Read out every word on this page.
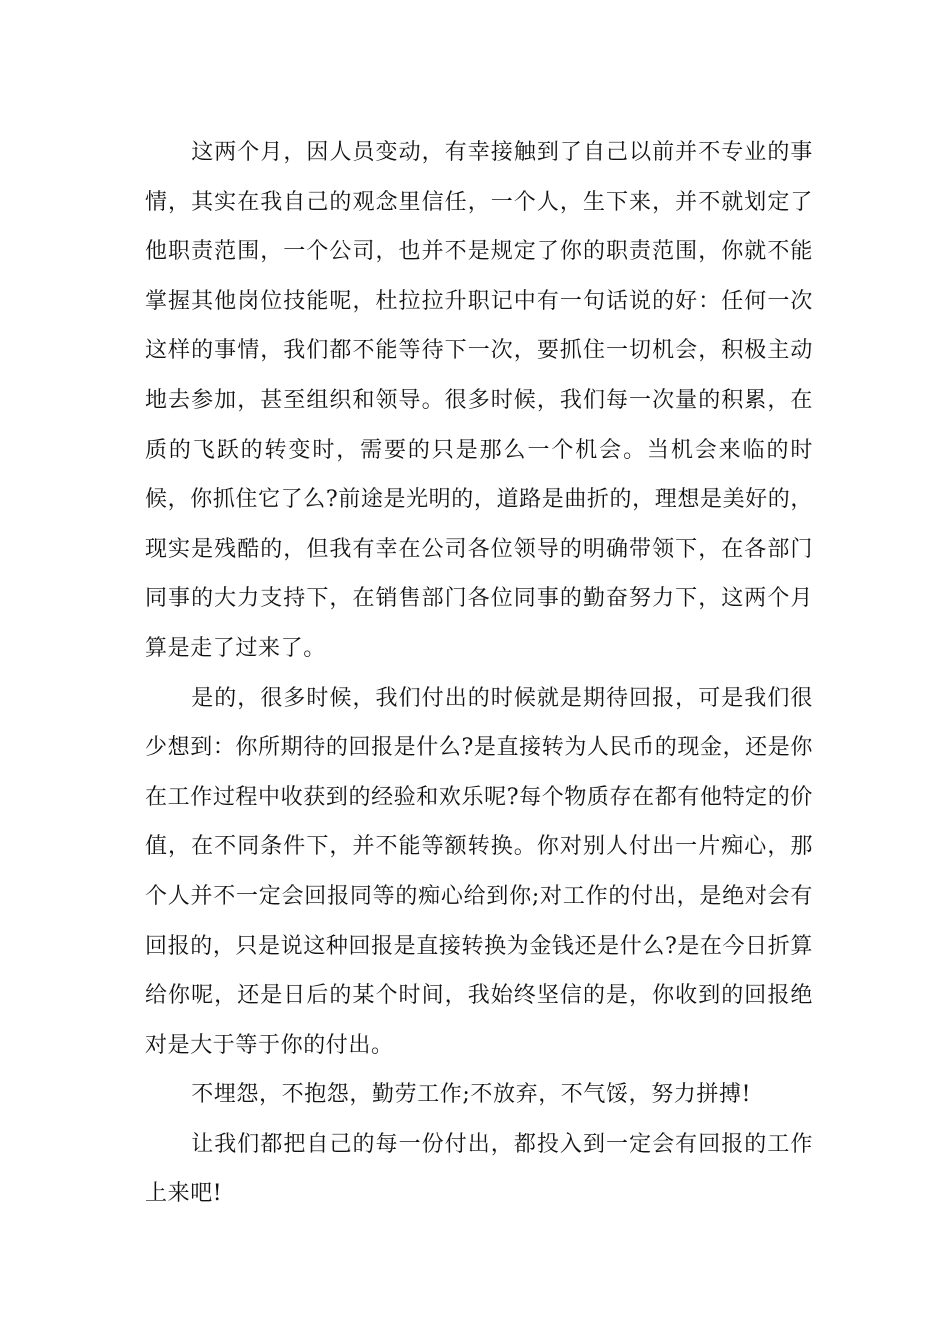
这两个月，因人员变动，有幸接触到了自己以前并不专业的事情，其实在我自己的观念里信任，一个人，生下来，并不就划定了他职责范围，一个公司，也并不是规定了你的职责范围，你就不能掌握其他岗位技能呢，杜拉拉升职记中有一句话说的好：任何一次这样的事情，我们都不能等待下一次，要抓住一切机会，积极主动地去参加，甚至组织和领导。很多时候，我们每一次量的积累，在质的飞跃的转变时，需要的只是那么一个机会。当机会来临的时候，你抓住它了么?前途是光明的，道路是曲折的，理想是美好的，现实是残酷的，但我有幸在公司各位领导的明确带领下，在各部门同事的大力支持下，在销售部门各位同事的勤奋努力下，这两个月算是走了过来了。

是的，很多时候，我们付出的时候就是期待回报，可是我们很少想到：你所期待的回报是什么?是直接转为人民币的现金，还是你在工作过程中收获到的经验和欢乐呢?每个物质存在都有他特定的价值，在不同条件下，并不能等额转换。你对别人付出一片痴心，那个人并不一定会回报同等的痴心给到你;对工作的付出，是绝对会有回报的，只是说这种回报是直接转换为金钱还是什么?是在今日折算给你呢，还是日后的某个时间，我始终坚信的是，你收到的回报绝对是大于等于你的付出。

不埋怨，不抱怨，勤劳工作;不放弃，不气馁，努力拼搏!

让我们都把自己的每一份付出，都投入到一定会有回报的工作上来吧!
